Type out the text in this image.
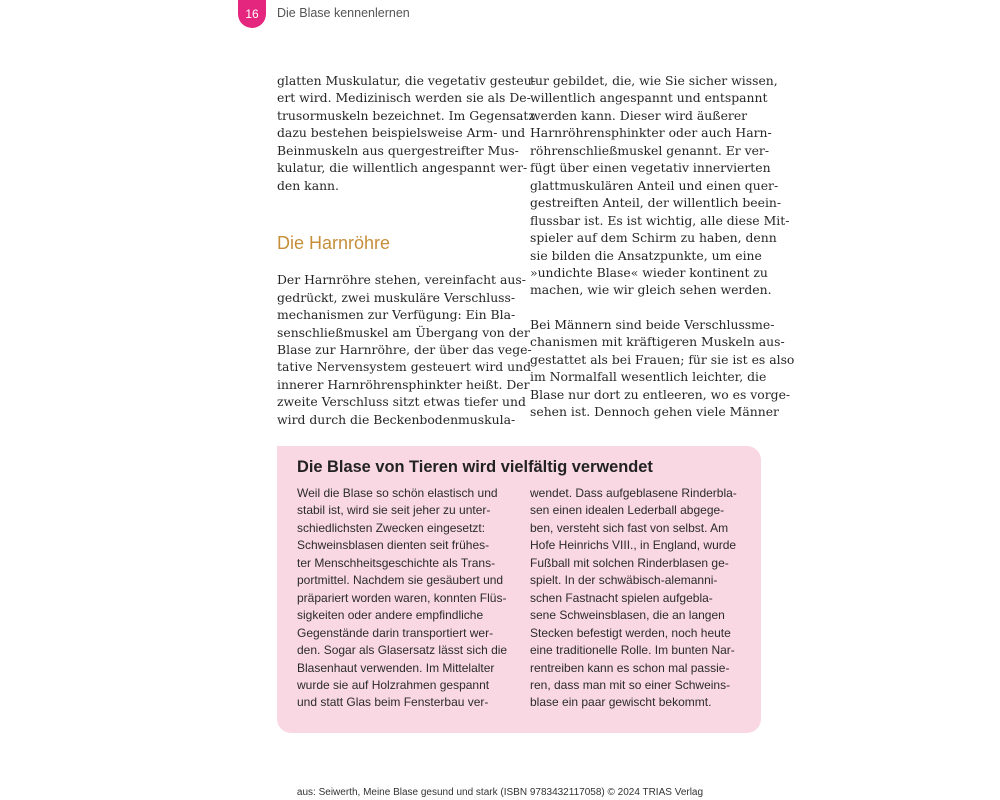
16 Die Blase kennenlernen

glatten Muskulatur, die vegetativ gesteu-
ert wird. Medizinisch werden sie als De-
trusormuskeln bezeichnet. Im Gegensatz
dazu bestehen beispielsweise Arm- und
Beinmuskeln aus quergestreifter Mus-
kulatur, die willentlich angespannt wer-
den kann.

Die Harnröhre

Der Harnröhre stehen, vereinfacht aus-
gedrückt, zwei muskuläre Verschluss-
mechanismen zur Verfügung: Ein Bla-
senschließmuskel am Übergang von der
Blase zur Harnröhre, der über das vege-
tative Nervensystem gesteuert wird und
innerer Harnröhrensphinkter heißt. Der
zweite Verschluss sitzt etwas tiefer und
wird durch die Beckenbodenmuskula-

tur gebildet, die, wie Sie sicher wissen,
willentlich angespannt und entspannt
werden kann. Dieser wird äußerer
Harnröhrensphinkter oder auch Harn-
röhrenschließmuskel genannt. Er ver-
fügt über einen vegetativ innervierten
glattmuskulären Anteil und einen quer-
gestreiften Anteil, der willentlich beein-
flussbar ist. Es ist wichtig, alle diese Mit-
spieler auf dem Schirm zu haben, denn
sie bilden die Ansatzpunkte, um eine
»undichte Blase« wieder kontinent zu
machen, wie wir gleich sehen werden.

Bei Männern sind beide Verschlussme-
chanismen mit kräftigeren Muskeln aus-
gestattet als bei Frauen; für sie ist es also
im Normalfall wesentlich leichter, die
Blase nur dort zu entleeren, wo es vorge-
sehen ist. Dennoch gehen viele Männer

Die Blase von Tieren wird vielfältig verwendet

Weil die Blase so schön elastisch und
stabil ist, wird sie seit jeher zu unter-
schiedlichsten Zwecken eingesetzt:
Schweinsblasen dienten seit frühes-
ter Menschheitsgeschichte als Trans-
portmittel. Nachdem sie gesäubert und
präpariert worden waren, konnten Flüs-
sigkeiten oder andere empfindliche
Gegenstände darin transportiert wer-
den. Sogar als Glasersatz lässt sich die
Blasenhaut verwenden. Im Mittelalter
wurde sie auf Holzrahmen gespannt
und statt Glas beim Fensterbau ver-

wendet. Dass aufgeblasene Rinderbla-
sen einen idealen Lederball abgege-
ben, versteht sich fast von selbst. Am
Hofe Heinrichs VIII., in England, wurde
Fußball mit solchen Rinderblasen ge-
spielt. In der schwäbisch-alemanni-
schen Fastnacht spielen aufgebla-
sene Schweinsblasen, die an langen
Stecken befestigt werden, noch heute
eine traditionelle Rolle. Im bunten Nar-
rentreiben kann es schon mal passie-
ren, dass man mit so einer Schweins-
blase ein paar gewischt bekommt.

aus: Seiwerth, Meine Blase gesund und stark (ISBN 9783432117058) © 2024 TRIAS Verlag
